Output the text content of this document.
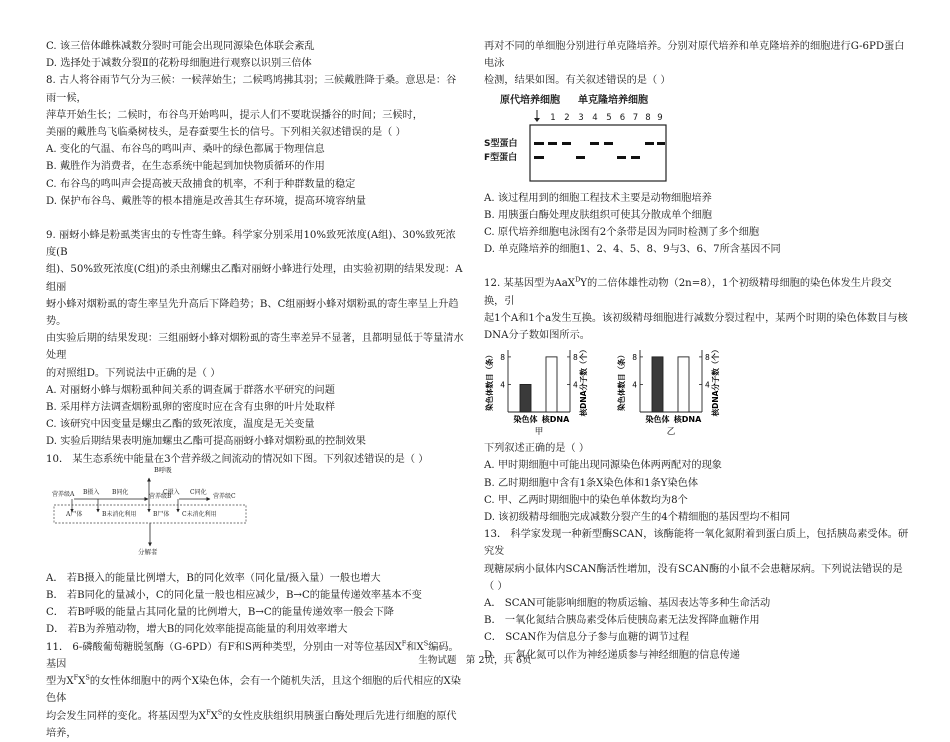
C. 该三倍体雌株减数分裂时可能会出现同源染色体联会紊乱

D. 选择处于减数分裂Ⅱ的花粉母细胞进行观察以识别三倍体

8. 古人将谷雨节气分为三候：一候萍始生；二候鸣鸠拂其羽；三候戴胜降于桑。意思是：谷雨一候，

萍草开始生长；二候时，布谷鸟开始鸣叫，提示人们不要耽误播谷的时间；三候时，

美丽的戴胜鸟飞临桑树枝头，是春蚕要生长的信号。下列相关叙述错误的是（ ）

A. 变化的气温、布谷鸟的鸣叫声、桑叶的绿色都属于物理信息

B. 戴胜作为消费者，在生态系统中能起到加快物质循环的作用

C. 布谷鸟的鸣叫声会提高被天敌捕食的机率，不利于种群数量的稳定

D. 保护布谷鸟、戴胜等的根本措施是改善其生存环境，提高环境容纳量

9. 丽蚜小蜂是粉虱类害虫的专性寄生蜂。科学家分别采用10%致死浓度(A组)、30%致死浓度(B

组)、50%致死浓度(C组)的杀虫剂螺虫乙酯对丽蚜小蜂进行处理，由实验初期的结果发现：A组丽

蚜小蜂对烟粉虱的寄生率呈先升高后下降趋势；B、C组丽蚜小蜂对烟粉虱的寄生率呈上升趋势。

由实验后期的结果发现：三组丽蚜小蜂对烟粉虱的寄生率差异不显著，且都明显低于等量清水处理

的对照组D。下列说法中正确的是（ ）

A. 对丽蚜小蜂与烟粉虱种间关系的调查属于群落水平研究的问题

B. 采用样方法调查烟粉虱卵的密度时应在含有虫卵的叶片处取样

C. 该研究中因变量是螺虫乙酯的致死浓度，温度是无关变量

D. 实验后期结果表明施加螺虫乙酯可提高丽蚜小蜂对烟粉虱的控制效果

10． 某生态系统中能量在3个营养级之间流动的情况如下图。下列叙述错误的是（ ）

B呼吸
营养级A B摄入 B同化
营养级B
C摄入 C同化
营养级C
A尸体	B未消化利用	B尸体 C未消化利用
分解者

A． 若B摄入的能量比例增大，B的同化效率（同化量/摄入量）一般也增大

B． 若B同化的量减小，C的同化量一般也相应减少，B→C的能量传递效率基本不变

C． 若B呼吸的能量占其同化量的比例增大，B→C的能量传递效率一般会下降

D． 若B为养殖动物，增大B的同化效率能提高能量的利用效率增大

11． 6-磷酸葡萄糖脱氢酶（G-6PD）有F和S两种类型，分别由一对等位基因$X^F$和$X^S$编码。基因

型为$X^FX^S$的女性体细胞中的两个X染色体，会有一个随机失活，且这个细胞的后代相应的X染色体

均会发生同样的变化。将基因型为$X^FX^S$的女性皮肤组织用胰蛋白酶处理后先进行细胞的原代培养，

再对不同的单细胞分别进行单克隆培养。分别对原代培养和单克隆培养的细胞进行G-6PD蛋白电泳

检测，结果如图。有关叙述错误的是（ ）

原代培养细胞 单克隆培养细胞
1	2	3	4	5 6 7 8 9
S型蛋白
F型蛋白

A. 该过程用到的细胞工程技术主要是动物细胞培养

B. 用胰蛋白酶处理皮肤组织可使其分散成单个细胞

C. 原代培养细胞电泳图有2个条带是因为同时检测了多个细胞

D. 单克隆培养的细胞1、2、4、5、8、9与3、6、7所含基因不同

12. 某基因型为AaX$^D$Y的二倍体雄性动物（2n=8），1个初级精母细胞的染色体发生片段交换，引

起1个A和1个a发生互换。该初级精母细胞进行减数分裂过程中，某两个时期的染色体数目与核

DNA分子数如图所示。

4	4
8	8
染色体 核DNA
甲
染色体数目（条）	核DNA分子数（个）	4	4
8	8
染色体 核DNA
乙
染色体数目（条）	核DNA分子数（个）

下列叙述正确的是（ ）

A. 甲时期细胞中可能出现同源染色体两两配对的现象

B. 乙时期细胞中含有1条X染色体和1条Y染色体

C. 甲、乙两时期细胞中的染色单体数均为8个

D. 该初级精母细胞完成减数分裂产生的4个精细胞的基因型均不相同

13． 科学家发现一种新型酶SCAN，该酶能将一氧化氮附着到蛋白质上，包括胰岛素受体。研究发

现糖尿病小鼠体内SCAN酶活性增加，没有SCAN酶的小鼠不会患糖尿病。下列说法错误的是（ ）

A． SCAN可能影响细胞的物质运输、基因表达等多种生命活动

B． 一氧化氮结合胰岛素受体后使胰岛素无法发挥降血糖作用

C． SCAN作为信息分子参与血糖的调节过程

D． 一氧化氮可以作为神经递质参与神经细胞的信息传递

生物试题　第 2页，共 6页
